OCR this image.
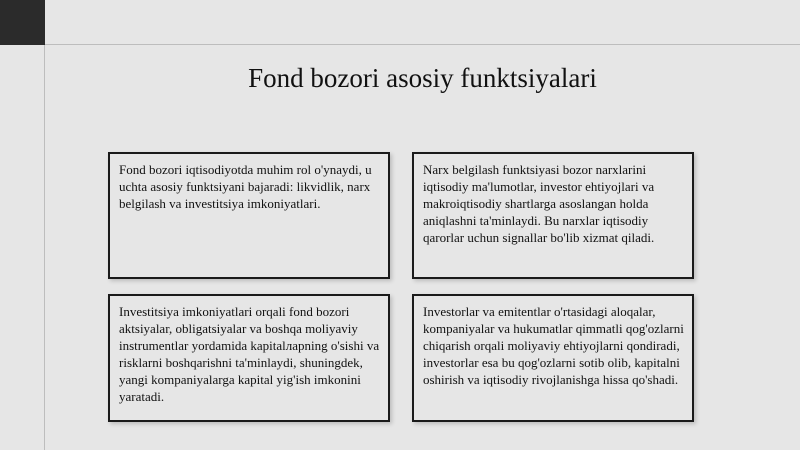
Fond bozori asosiy funktsiyalari
Fond bozori iqtisodiyotda muhim rol o'ynaydi, u uchta asosiy funktsiyani bajaradi: likvidlik, narx belgilash va investitsiya imkoniyatlari.
Narx belgilash funktsiyasi bozor narxlarini iqtisodiy ma'lumotlar, investor ehtiyojlari va makroiqtisodiy shartlarga asoslangan holda aniqlashni ta'minlaydi. Bu narxlar iqtisodiy qarorlar uchun signallar bo'lib xizmat qiladi.
Investitsiya imkoniyatlari orqali fond bozori aktsiyalar, obligatsiyalar va boshqa moliyaviy instrumentlar yordamida kapitalларning o'sishi va risklarni boshqarishni ta'minlaydi, shuningdek, yangi kompaniyalarga kapital yig'ish imkonini yaratadi.
Investorlar va emitentlar o'rtasidagi aloqalar, kompaniyalar va hukumatlar qimmatli qog'ozlarni chiqarish orqali moliyaviy ehtiyojlarni qondiradi, investorlar esa bu qog'ozlarni sotib olib, kapitalni oshirish va iqtisodiy rivojlanishga hissa qo'shadi.
